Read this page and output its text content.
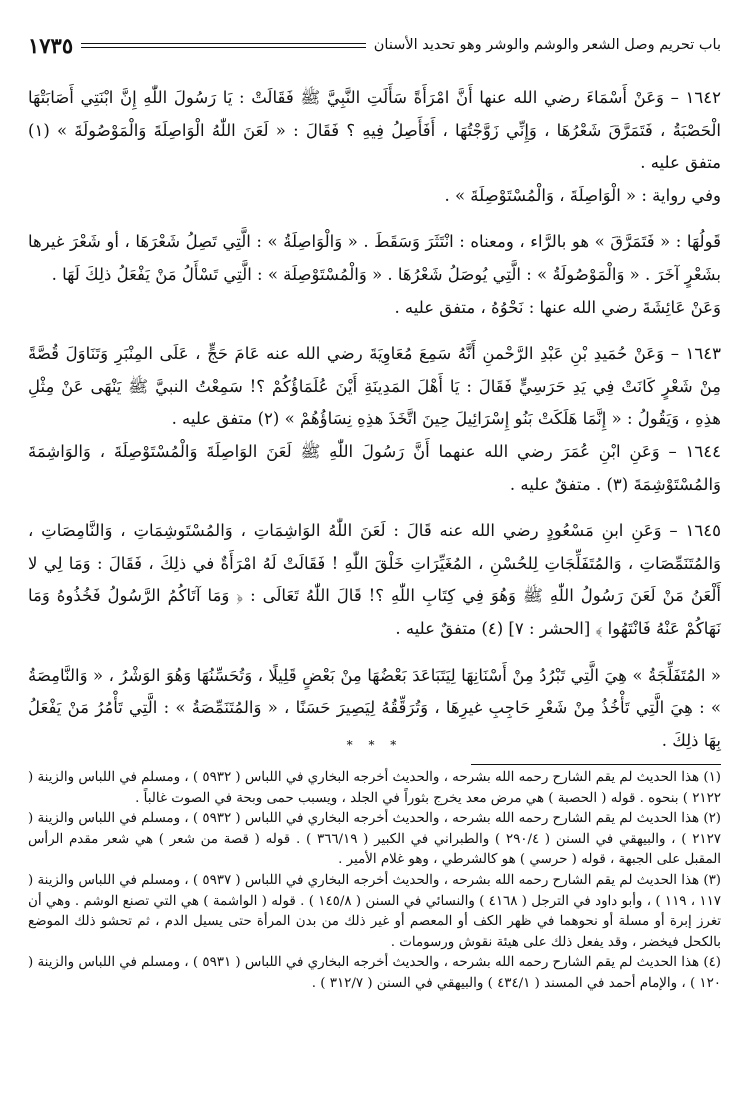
باب تحريم وصل الشعر والوشم والوشر وهو تحديد الأسنان
١٧٣٥

١٦٤٢ – وَعَنْ أَسْمَاءَ رضي الله عنها أَنَّ امْرَأَةً سَأَلَتِ النَّبِيَّ ﷺ فَقَالَتْ : يَا رَسُولَ اللّٰهِ إِنَّ ابْنَتِي أَصَابَتْهَا الْحَصْبَةُ ، فَتَمَرَّقَ شَعْرُهَا ، وَإِنِّي زَوَّجْتُهَا ، أَفَأَصِلُ فِيهِ ؟ فَقَالَ : « لَعَنَ اللّٰهُ الْوَاصِلَةَ وَالْمَوْصُولَةَ » (١) متفق عليه .

وفي رواية : « الْوَاصِلَةَ ، وَالْمُسْتَوْصِلَةَ » .

قَولُهَا : « فَتَمَرَّقَ » هو بالرَّاء ، ومعناه : انْتَثَرَ وَسَقَطَ . « وَالْوَاصِلَةُ » : الَّتِي تَصِلُ شَعْرَهَا ، أو شَعْرَ غيرها بشَعْرٍ آخَرَ . « وَالْمَوْصُولَةُ » : الَّتِي يُوصَلُ شَعْرُهَا . « وَالْمُسْتَوْصِلَة » : الَّتِي تَسْأَلُ مَنْ يَفْعَلُ ذلِكَ لَهَا .

وَعَنْ عَائِشَةَ رضي الله عنها : نَحْوُهُ ، متفق عليه .

١٦٤٣ – وَعَنْ حُمَيدِ بْنِ عَبْدِ الرَّحْمنِ أَنَّهُ سَمِعَ مُعَاوِيَةَ رضي الله عنه عَامَ حَجٍّ ، عَلَى المِنْبَرِ وَتَنَاوَلَ قُصَّةً مِنْ شَعْرٍ كَانَتْ فِي يَدِ حَرَسِيٍّ فَقَالَ : يَا أَهْلَ المَدِينَةِ أَيْنَ عُلَمَاؤُكُمْ ؟! سَمِعْتُ النبيَّ ﷺ يَنْهَى عَنْ مِثْلِ هذِهِ ، وَيَقُولُ : « إِنَّمَا هَلَكَتْ بَنُو إِسْرَائِيلَ حِينَ اتَّخَذَ هذِهِ نِسَاؤُهُمْ » (٢) متفق عليه .

١٦٤٤ – وَعَنِ ابْنِ عُمَرَ رضي الله عنهما أَنَّ رَسُولَ اللّٰهِ ﷺ لَعَنَ الوَاصِلَةَ وَالْمُسْتَوْصِلَةَ ، وَالوَاشِمَةَ وَالمُسْتَوْشِمَةَ (٣) . متفقٌ عليه .

١٦٤٥ – وَعَنِ ابنِ مَسْعُودٍ رضي الله عنه قَالَ : لَعَنَ اللّٰهُ الوَاشِمَاتِ ، وَالمُسْتَوشِمَاتِ ، وَالنَّامِصَاتِ ، وَالمُتَنَمِّصَاتِ ، وَالمُتَفَلِّجَاتِ لِلحُسْنِ ، المُغَيِّرَاتِ خَلْقَ اللّٰهِ ! فَقَالَتْ لَهُ امْرَأَةٌ في ذلِكَ ، فَقَالَ : وَمَا لِي لا أَلْعَنُ مَنْ لَعَنَ رَسُولُ اللّٰهِ ﷺ وَهُوَ فِي كِتَابِ اللّٰهِ ؟! قَالَ اللّٰهُ تَعَالَى : ﴿ وَمَا آتَاكُمُ الرَّسُولُ فَخُذُوهُ وَمَا نَهَاكُمْ عَنْهُ فَانْتَهُوا ﴾ [الحشر : ٧] (٤) متفقٌ عليه .

« المُتَفَلِّجَةُ » هِيَ الَّتِي تَبْرُدُ مِنْ أَسْنَانِهَا لِيَتَبَاعَدَ بَعْضُهَا مِنْ بَعْضٍ قَلِيلًا ، وَتُحَسِّنُهَا وَهُوَ الوَشْرُ ، « وَالنَّامِصَةُ » : هِيَ الَّتِي تَأْخُذُ مِنْ شَعْرِ حَاجِبِ غيرِهَا ، وَتُرَقِّقُهُ لِيَصِيرَ حَسَنًا ، « وَالمُتَنَمِّصَةُ » : الَّتِي تَأْمُرُ مَنْ يَفْعَلُ بِهَا ذلِكَ .

* * *

(١) هذا الحديث لم يقم الشارح رحمه الله بشرحه ، والحديث أخرجه البخاري في اللباس ( ٥٩٣٢ ) ، ومسلم في اللباس والزينة ( ٢١٢٢ ) بنحوه . قوله ( الحصبة ) هي مرض معد يخرج بثوراً في الجلد ، ويسبب حمى وبحة في الصوت غالباً .

(٢) هذا الحديث لم يقم الشارح رحمه الله بشرحه ، والحديث أخرجه البخاري في اللباس ( ٥٩٣٢ ) ، ومسلم في اللباس والزينة ( ٢١٢٧ ) ، والبيهقي في السنن ( ٢٩٠/٤ ) والطبراني في الكبير ( ٣٦٦/١٩ ) . قوله ( قصة من شعر ) هي شعر مقدم الرأس المقبل على الجبهة ، قوله ( حرسي ) هو كالشرطي ، وهو غلام الأمير .

(٣) هذا الحديث لم يقم الشارح رحمه الله بشرحه ، والحديث أخرجه البخاري في اللباس ( ٥٩٣٧ ) ، ومسلم في اللباس والزينة ( ١١٧ ، ١١٩ ) ، وأبو داود في الترجل ( ٤١٦٨ ) والنسائي في السنن ( ١٤٥/٨ ) . قوله ( الواشمة ) هي التي تصنع الوشم . وهي أن تغرز إبرة أو مسلة أو نحوهما في ظهر الكف أو المعصم أو غير ذلك من بدن المرأة حتى يسيل الدم ، ثم تحشو ذلك الموضع بالكحل فيخضر ، وقد يفعل ذلك على هيئة نقوش ورسومات .

(٤) هذا الحديث لم يقم الشارح رحمه الله بشرحه ، والحديث أخرجه البخاري في اللباس ( ٥٩٣١ ) ، ومسلم في اللباس والزينة ( ١٢٠ ) ، والإمام أحمد في المسند ( ٤٣٤/١ ) والبيهقي في السنن ( ٣١٢/٧ ) .
